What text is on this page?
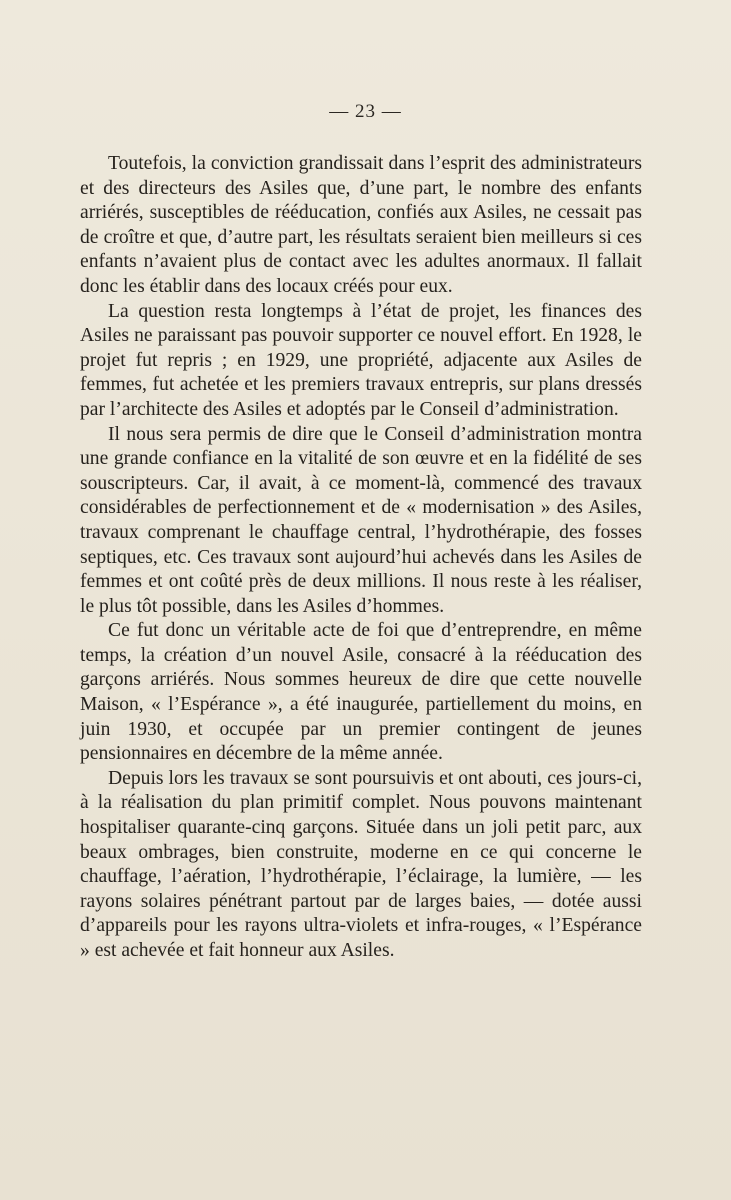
— 23 —

Toutefois, la conviction grandissait dans l’esprit des administrateurs et des directeurs des Asiles que, d’une part, le nombre des enfants arriérés, susceptibles de rééducation, confiés aux Asiles, ne cessait pas de croître et que, d’autre part, les résultats seraient bien meilleurs si ces enfants n’avaient plus de contact avec les adultes anormaux. Il fallait donc les établir dans des locaux créés pour eux.

La question resta longtemps à l’état de projet, les finances des Asiles ne paraissant pas pouvoir supporter ce nouvel effort. En 1928, le projet fut repris ; en 1929, une propriété, adjacente aux Asiles de femmes, fut achetée et les premiers travaux entrepris, sur plans dressés par l’architecte des Asiles et adoptés par le Conseil d’administration.

Il nous sera permis de dire que le Conseil d’administration montra une grande confiance en la vitalité de son œuvre et en la fidélité de ses souscripteurs. Car, il avait, à ce moment-là, commencé des travaux considérables de perfectionnement et de « modernisation » des Asiles, travaux comprenant le chauffage central, l’hydrothérapie, des fosses septiques, etc. Ces travaux sont aujourd’hui achevés dans les Asiles de femmes et ont coûté près de deux millions. Il nous reste à les réaliser, le plus tôt possible, dans les Asiles d’hommes.

Ce fut donc un véritable acte de foi que d’entreprendre, en même temps, la création d’un nouvel Asile, consacré à la rééducation des garçons arriérés. Nous sommes heureux de dire que cette nouvelle Maison, « l’Espérance », a été inaugurée, partiellement du moins, en juin 1930, et occupée par un premier contingent de jeunes pensionnaires en décembre de la même année.

Depuis lors les travaux se sont poursuivis et ont abouti, ces jours-ci, à la réalisation du plan primitif complet. Nous pouvons maintenant hospitaliser quarante-cinq garçons. Située dans un joli petit parc, aux beaux ombrages, bien construite, moderne en ce qui concerne le chauffage, l’aération, l’hydrothérapie, l’éclairage, la lumière, — les rayons solaires pénétrant partout par de larges baies, — dotée aussi d’appareils pour les rayons ultra-violets et infra-rouges, « l’Espérance » est achevée et fait honneur aux Asiles.
